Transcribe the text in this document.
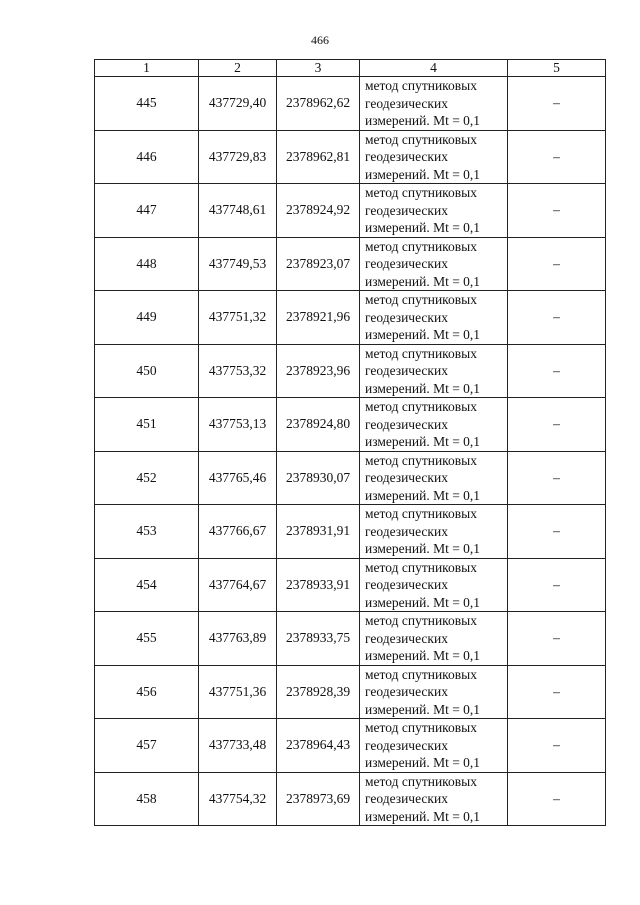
466
1	2	3	4	5
445	437729,40	2378962,62	метод спутниковых
геодезических
измерений. Mt = 0,1	–
446	437729,83	2378962,81	метод спутниковых
геодезических
измерений. Mt = 0,1	–
447	437748,61	2378924,92	метод спутниковых
геодезических
измерений. Mt = 0,1	–
448	437749,53	2378923,07	метод спутниковых
геодезических
измерений. Mt = 0,1	–
449	437751,32	2378921,96	метод спутниковых
геодезических
измерений. Mt = 0,1	–
450	437753,32	2378923,96	метод спутниковых
геодезических
измерений. Mt = 0,1	–
451	437753,13	2378924,80	метод спутниковых
геодезических
измерений. Mt = 0,1	–
452	437765,46	2378930,07	метод спутниковых
геодезических
измерений. Mt = 0,1	–
453	437766,67	2378931,91	метод спутниковых
геодезических
измерений. Mt = 0,1	–
454	437764,67	2378933,91	метод спутниковых
геодезических
измерений. Mt = 0,1	–
455	437763,89	2378933,75	метод спутниковых
геодезических
измерений. Mt = 0,1	–
456	437751,36	2378928,39	метод спутниковых
геодезических
измерений. Mt = 0,1	–
457	437733,48	2378964,43	метод спутниковых
геодезических
измерений. Mt = 0,1	–
458	437754,32	2378973,69	метод спутниковых
геодезических
измерений. Mt = 0,1	–
